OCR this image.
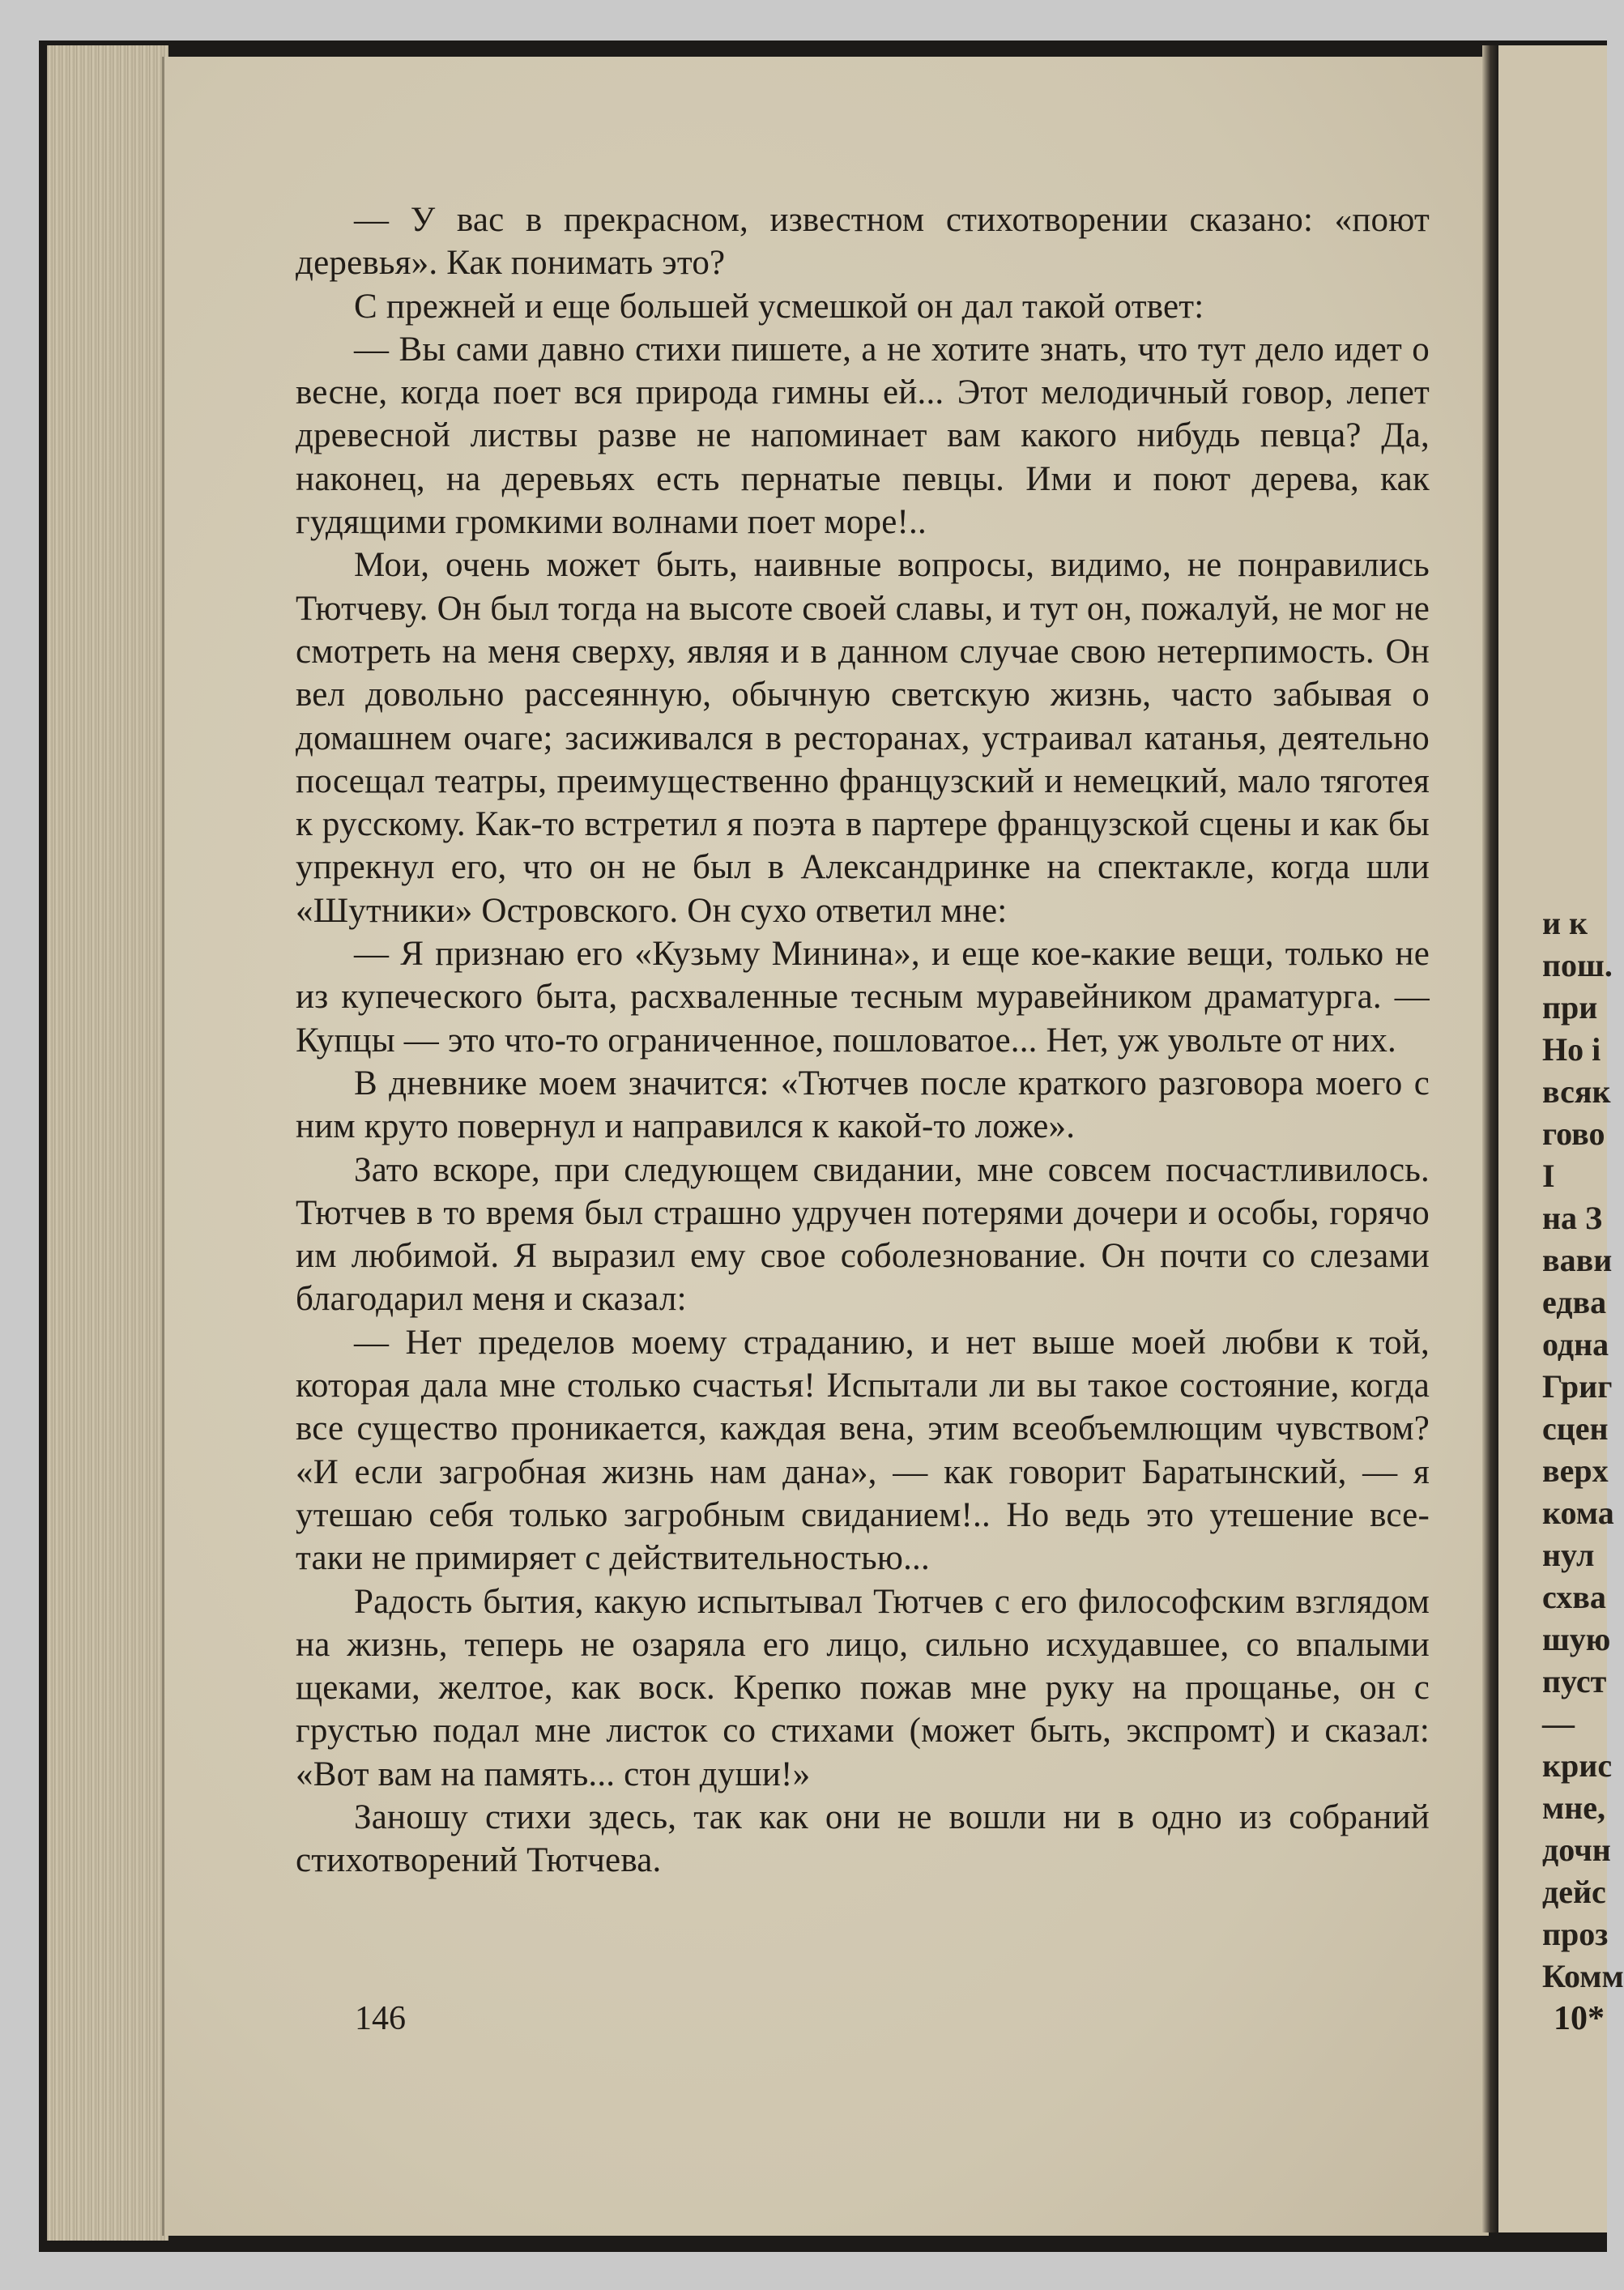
— У вас в прекрасном, известном стихотворении сказано: «поют деревья». Как понимать это?

С прежней и еще большей усмешкой он дал такой ответ:

— Вы сами давно стихи пишете, а не хотите знать, что тут дело идет о весне, когда поет вся природа гимны ей... Этот мелодичный говор, лепет древесной листвы разве не напоминает вам какого нибудь певца? Да, наконец, на деревьях есть пернатые певцы. Ими и поют дерева, как гудящими громкими волнами поет море!..

Мои, очень может быть, наивные вопросы, видимо, не понравились Тютчеву. Он был тогда на высоте своей славы, и тут он, пожалуй, не мог не смотреть на меня сверху, являя и в данном случае свою нетерпимость. Он вел довольно рассеянную, обычную светскую жизнь, часто забывая о домашнем очаге; засиживался в ресторанах, устраивал катанья, деятельно посещал театры, преимущественно французский и немецкий, мало тяготея к русскому. Как-то встретил я поэта в партере французской сцены и как бы упрекнул его, что он не был в Александринке на спектакле, когда шли «Шутники» Островского. Он сухо ответил мне:

— Я признаю его «Кузьму Минина», и еще кое-какие вещи, только не из купеческого быта, расхваленные тесным муравейником драматурга. — Купцы — это что-то ограниченное, пошловатое... Нет, уж увольте от них.

В дневнике моем значится: «Тютчев после краткого разговора моего с ним круто повернул и направился к какой-то ложе».

Зато вскоре, при следующем свидании, мне совсем посчастливилось. Тютчев в то время был страшно удручен потерями дочери и особы, горячо им любимой. Я выразил ему свое соболезнование. Он почти со слезами благодарил меня и сказал:

— Нет пределов моему страданию, и нет выше моей любви к той, которая дала мне столько счастья! Испытали ли вы такое состояние, когда все существо проникается, каждая вена, этим всеобъемлющим чувством? «И если загробная жизнь нам дана», — как говорит Баратынский, — я утешаю себя только загробным свиданием!.. Но ведь это утешение все-таки не примиряет с действительностью...

Радость бытия, какую испытывал Тютчев с его философским взглядом на жизнь, теперь не озаряла его лицо, сильно исхудавшее, со впалыми щеками, желтое, как воск. Крепко пожав мне руку на прощанье, он с грустью подал мне листок со стихами (может быть, экспромт) и сказал: «Вот вам на память... стон души!»

Заношу стихи здесь, так как они не вошли ни в одно из собраний стихотворений Тютчева.

146
и к
пош.
при
Но і
всяк
гово
І
на З
вави
едва
одна
Григ
сцен
верх
кома
нул
схва
шую
пуст
—
крис
мне,
дочн
дейс
проз
Комм
10*
